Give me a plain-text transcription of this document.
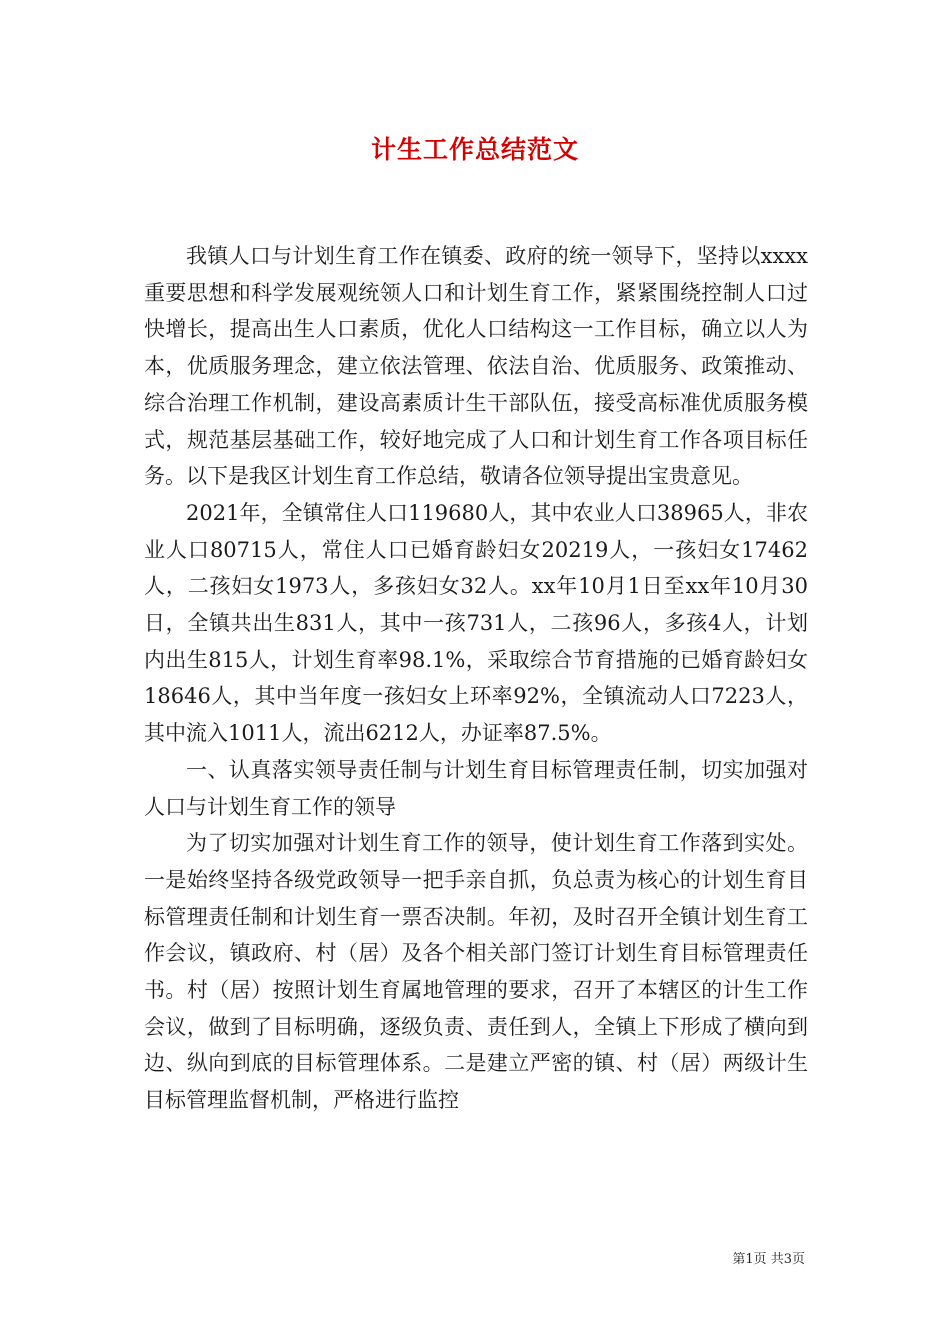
计生工作总结范文

我镇人口与计划生育工作在镇委、政府的统一领导下，坚持以xxxx重要思想和科学发展观统领人口和计划生育工作，紧紧围绕控制人口过快增长，提高出生人口素质，优化人口结构这一工作目标，确立以人为本，优质服务理念，建立依法管理、依法自治、优质服务、政策推动、综合治理工作机制，建设高素质计生干部队伍，接受高标准优质服务模式，规范基层基础工作，较好地完成了人口和计划生育工作各项目标任务。以下是我区计划生育工作总结，敬请各位领导提出宝贵意见。

2021年，全镇常住人口119680人，其中农业人口38965人，非农业人口80715人，常住人口已婚育龄妇女20219人，一孩妇女17462人，二孩妇女1973人，多孩妇女32人。xx年10月1日至xx年10月30日，全镇共出生831人，其中一孩731人，二孩96人，多孩4人，计划内出生815人，计划生育率98.1%，采取综合节育措施的已婚育龄妇女18646人，其中当年度一孩妇女上环率92%，全镇流动人口7223人，其中流入1011人，流出6212人，办证率87.5%。

一、认真落实领导责任制与计划生育目标管理责任制，切实加强对人口与计划生育工作的领导

为了切实加强对计划生育工作的领导，使计划生育工作落到实处。一是始终坚持各级党政领导一把手亲自抓，负总责为核心的计划生育目标管理责任制和计划生育一票否决制。年初，及时召开全镇计划生育工作会议，镇政府、村（居）及各个相关部门签订计划生育目标管理责任书。村（居）按照计划生育属地管理的要求，召开了本辖区的计生工作会议，做到了目标明确，逐级负责、责任到人，全镇上下形成了横向到边、纵向到底的目标管理体系。二是建立严密的镇、村（居）两级计生目标管理监督机制，严格进行监控

第1页 共3页
